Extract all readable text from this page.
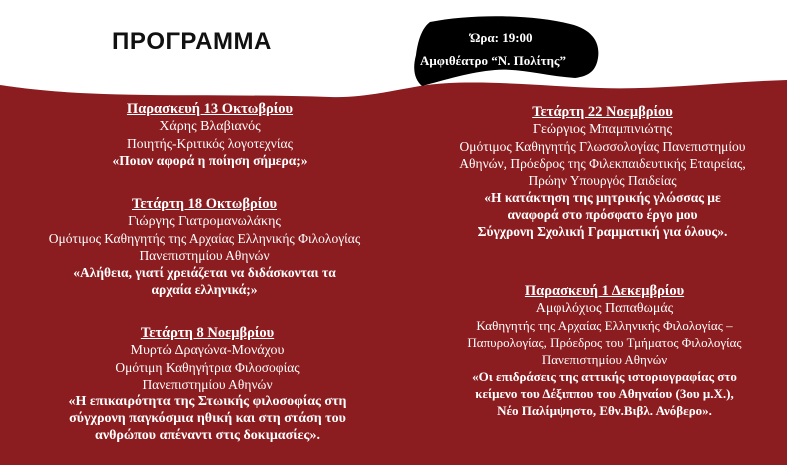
ΠΡΟΓΡΑΜΜΑ	Ώρα: 19:00
Αμφιθέατρο “Ν. Πολίτης”
Παρασκευή 13 Οκτωβρίου
Χάρης Βλαβιανός
Ποιητής-Κριτικός λογοτεχνίας
«Ποιον αφορά η ποίηση σήμερα;»
Τετάρτη 18 Οκτωβρίου
Γιώργης Γιατρομανωλάκης
Ομότιμος Καθηγητής της Αρχαίας Ελληνικής Φιλολογίας
Πανεπιστημίου Αθηνών
«Αλήθεια, γιατί χρειάζεται να διδάσκονται τα
αρχαία ελληνικά;»
Τετάρτη 8 Νοεμβρίου
Μυρτώ Δραγώνα-Μονάχου
Ομότιμη Καθηγήτρια Φιλοσοφίας
Πανεπιστημίου Αθηνών
«Η επικαιρότητα της Στωικής φιλοσοφίας στη
σύγχρονη παγκόσμια ηθική και στη στάση του
ανθρώπου απέναντι στις δοκιμασίες».
Τετάρτη 22 Νοεμβρίου
Γεώργιος Μπαμπινιώτης
Ομότιμος Καθηγητής Γλωσσολογίας Πανεπιστημίου
Αθηνών, Πρόεδρος της Φιλεκπαιδευτικής Εταιρείας,
Πρώην Υπουργός Παιδείας
«Η κατάκτηση της μητρικής γλώσσας με
αναφορά στο πρόσφατο έργο μου
Σύγχρονη Σχολική Γραμματική για όλους».
Παρασκευή 1 Δεκεμβρίου
Αμφιλόχιος Παπαθωμάς
Καθηγητής της Αρχαίας Ελληνικής Φιλολογίας –
Παπυρολογίας, Πρόεδρος του Τμήματος Φιλολογίας
Πανεπιστημίου Αθηνών
«Οι επιδράσεις της αττικής ιστοριογραφίας στο
κείμενο του Δέξιππου του Αθηναίου (3ου μ.Χ.),
Νέο Παλίμψηστο, Εθν.Βιβλ. Ανόβερο».
